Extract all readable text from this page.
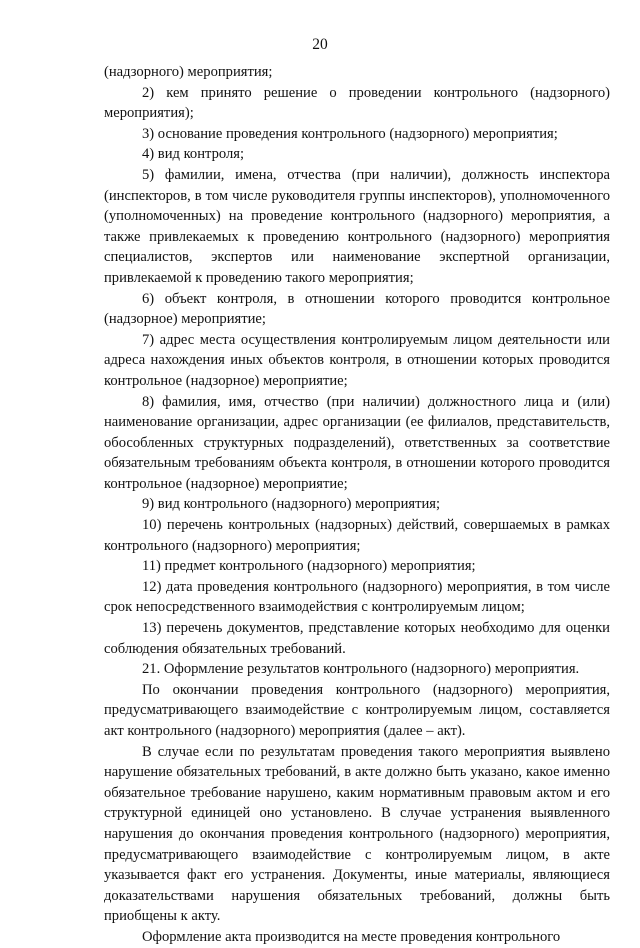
20

(надзорного) мероприятия;

2) кем принято решение о проведении контрольного (надзорного) мероприятия);

3) основание проведения контрольного (надзорного) мероприятия;

4) вид контроля;

5) фамилии, имена, отчества (при наличии), должность инспектора (инспекторов, в том числе руководителя группы инспекторов), уполномоченного (уполномоченных) на проведение контрольного (надзорного) мероприятия, а также привлекаемых к проведению контрольного (надзорного) мероприятия специалистов, экспертов или наименование экспертной организации, привлекаемой к проведению такого мероприятия;

6) объект контроля, в отношении которого проводится контрольное (надзорное) мероприятие;

7) адрес места осуществления контролируемым лицом деятельности или адреса нахождения иных объектов контроля, в отношении которых проводится контрольное (надзорное) мероприятие;

8) фамилия, имя, отчество (при наличии) должностного лица и (или) наименование организации, адрес организации (ее филиалов, представительств, обособленных структурных подразделений), ответственных за соответствие обязательным требованиям объекта контроля, в отношении которого проводится контрольное (надзорное) мероприятие;

9) вид контрольного (надзорного) мероприятия;

10) перечень контрольных (надзорных) действий, совершаемых в рамках контрольного (надзорного) мероприятия;

11) предмет контрольного (надзорного) мероприятия;

12) дата проведения контрольного (надзорного) мероприятия, в том числе срок непосредственного взаимодействия с контролируемым лицом;

13) перечень документов, представление которых необходимо для оценки соблюдения обязательных требований.

21. Оформление результатов контрольного (надзорного) мероприятия.

По окончании проведения контрольного (надзорного) мероприятия, предусматривающего взаимодействие с контролируемым лицом, составляется акт контрольного (надзорного) мероприятия (далее – акт).

В случае если по результатам проведения такого мероприятия выявлено нарушение обязательных требований, в акте должно быть указано, какое именно обязательное требование нарушено, каким нормативным правовым актом и его структурной единицей оно установлено. В случае устранения выявленного нарушения до окончания проведения контрольного (надзорного) мероприятия, предусматривающего взаимодействие с контролируемым лицом, в акте указывается факт его устранения. Документы, иные материалы, являющиеся доказательствами нарушения обязательных требований, должны быть приобщены к акту.

Оформление акта производится на месте проведения контрольного
